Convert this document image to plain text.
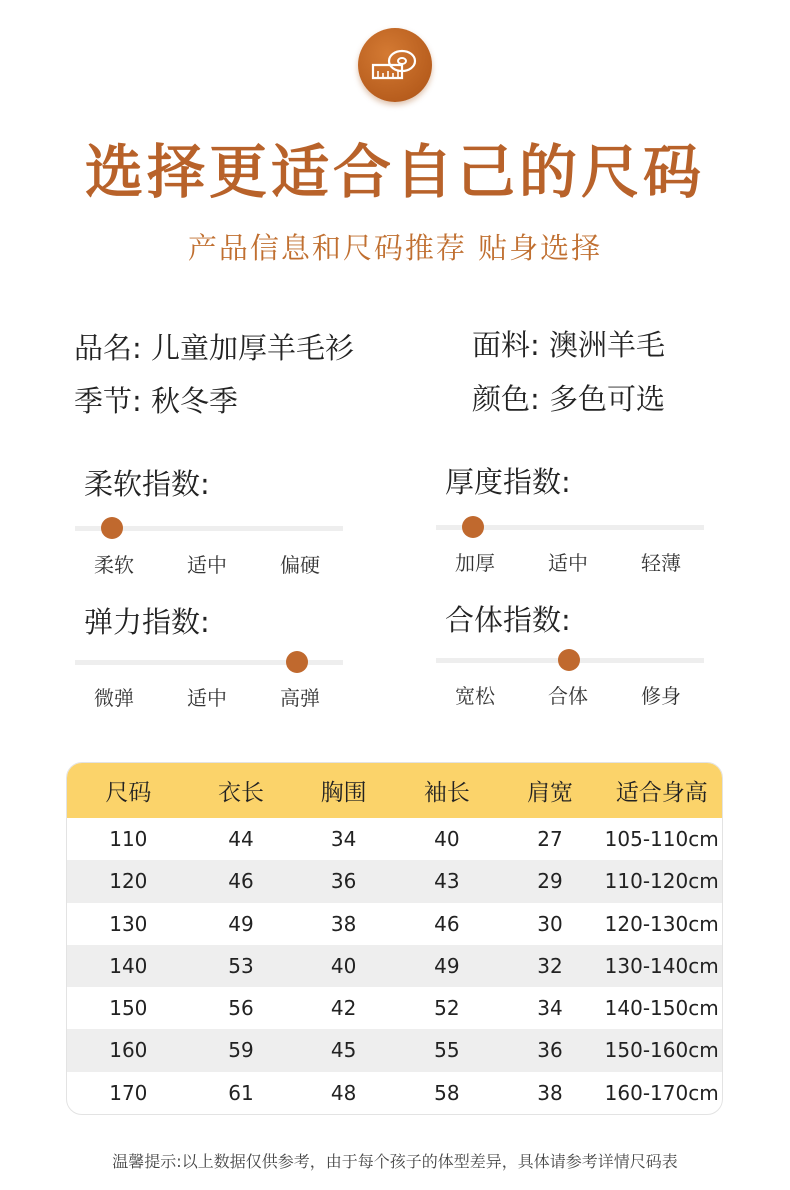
选择更适合自己的尺码
产品信息和尺码推荐 贴身选择
品名: 儿童加厚羊毛衫	面料: 澳洲羊毛
季节: 秋冬季	颜色: 多色可选
柔软指数:
柔软	适中	偏硬
厚度指数:
加厚	适中	轻薄
弹力指数:
微弹	适中	高弹
合体指数:
宽松	合体	修身
尺码	衣长	胸围	袖长	肩宽	适合身高
110	44	34	40	27	105-110cm
120	46	36	43	29	110-120cm
130	49	38	46	30	120-130cm
140	53	40	49	32	130-140cm
150	56	42	52	34	140-150cm
160	59	45	55	36	150-160cm
170	61	48	58	38	160-170cm
温馨提示:以上数据仅供参考，由于每个孩子的体型差异，具体请参考详情尺码表
